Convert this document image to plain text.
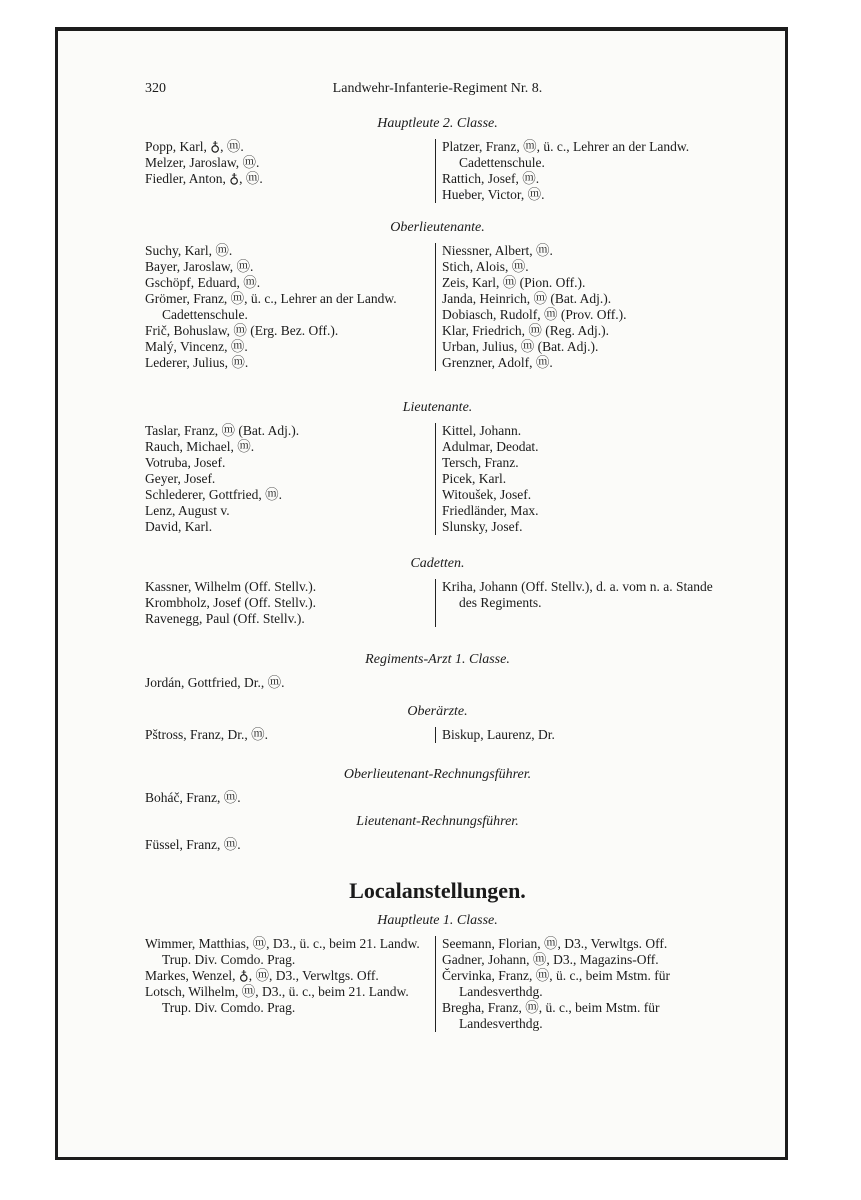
Landwehr-Infanterie-Regiment Nr. 8.
320
Hauptleute 2. Classe.
Popp, Karl, ♁, ⓜ.
Melzer, Jaroslaw, ⓜ.
Fiedler, Anton, ♁, ⓜ.
Platzer, Franz, ⓜ, ü. c., Lehrer an der Landw. Cadettenschule.
Rattich, Josef, ⓜ.
Hueber, Victor, ⓜ.
Oberlieutenante.
Suchy, Karl, ⓜ.
Bayer, Jaroslaw, ⓜ.
Gschöpf, Eduard, ⓜ.
Grömer, Franz, ⓜ, ü. c., Lehrer an der Landw. Cadettenschule.
Frič, Bohuslaw, ⓜ (Erg. Bez. Off.).
Malý, Vincenz, ⓜ.
Lederer, Julius, ⓜ.
Niessner, Albert, ⓜ.
Stich, Alois, ⓜ.
Zeis, Karl, ⓜ (Pion. Off.).
Janda, Heinrich, ⓜ (Bat. Adj.).
Dobiasch, Rudolf, ⓜ (Prov. Off.).
Klar, Friedrich, ⓜ (Reg. Adj.).
Urban, Julius, ⓜ (Bat. Adj.).
Grenzner, Adolf, ⓜ.
Lieutenante.
Taslar, Franz, ⓜ (Bat. Adj.).
Rauch, Michael, ⓜ.
Votruba, Josef.
Geyer, Josef.
Schlederer, Gottfried, ⓜ.
Lenz, August v.
David, Karl.
Kittel, Johann.
Adulmar, Deodat.
Tersch, Franz.
Picek, Karl.
Witoušek, Josef.
Friedländer, Max.
Slunsky, Josef.
Cadetten.
Kassner, Wilhelm (Off. Stellv.).
Krombholz, Josef (Off. Stellv.).
Ravenegg, Paul (Off. Stellv.).
Kriha, Johann (Off. Stellv.), d. a. vom n. a. Stande des Regiments.
Regiments-Arzt 1. Classe.
Jordán, Gottfried, Dr., ⓜ.
Oberärzte.
Pštross, Franz, Dr., ⓜ.	Biskup, Laurenz, Dr.
Oberlieutenant-Rechnungsführer.
Boháč, Franz, ⓜ.
Lieutenant-Rechnungsführer.
Füssel, Franz, ⓜ.
Localanstellungen.
Hauptleute 1. Classe.
Wimmer, Matthias, ⓜ, D3., ü. c., beim 21. Landw. Trup. Div. Comdo. Prag.
Markes, Wenzel, ♁, ⓜ, D3., Verwltgs. Off.
Lotsch, Wilhelm, ⓜ, D3., ü. c., beim 21. Landw. Trup. Div. Comdo. Prag.
Seemann, Florian, ⓜ, D3., Verwltgs. Off.
Gadner, Johann, ⓜ, D3., Magazins-Off.
Červinka, Franz, ⓜ, ü. c., beim Mstm. für Landesverthdg.
Bregha, Franz, ⓜ, ü. c., beim Mstm. für Landesverthdg.
